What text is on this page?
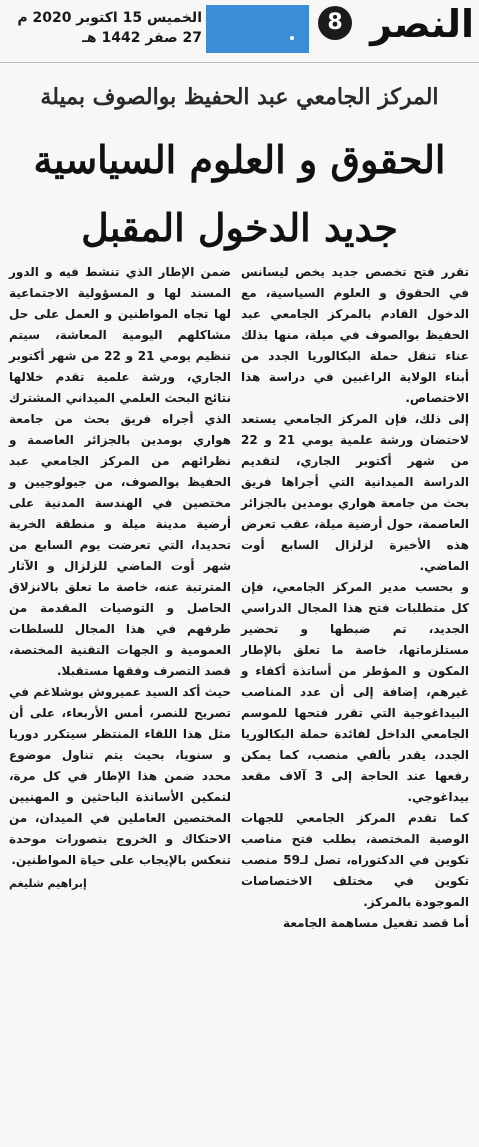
الخميس 15 اكتوبر 2020 م
27 صفر 1442 هـ
8 النصر
المركز الجامعي عبد الحفيظ بوالصوف بميلة
الحقوق و العلوم السياسية
جديد الدخول المقبل

تقرر فتح تخصص جديد يخص ليسانس في الحقوق و العلوم السياسية، مع الدخول القادم بالمركز الجامعي عبد الحفيظ بوالصوف في ميلة، منها بذلك عناء تنقل حملة البكالوريا الجدد من أبناء الولاية الراغبين في دراسة هذا الاختصاص.

إلى ذلك، فإن المركز الجامعي يستعد لاحتضان ورشة علمية يومي 21 و 22 من شهر أكتوبر الجاري، لتقديم الدراسة الميدانية التي أجراها فريق بحث من جامعة هواري بومدين بالجزائر العاصمة، حول أرضية ميلة، عقب تعرض هذه الأخيرة لزلزال السابع أوت الماضي.

و بحسب مدير المركز الجامعي، فإن كل متطلبات فتح هذا المجال الدراسي الجديد، تم ضبطها و تحضير مستلزماتها، خاصة ما تعلق بالإطار المكون و المؤطر من أساتذة أكفاء و غيرهم، إضافة إلى أن عدد المناصب البيداغوجية التي تقرر فتحها للموسم الجامعي الداخل لفائدة حملة البكالوريا الجدد، يقدر بألفي منصب، كما يمكن رفعها عند الحاجة إلى 3 آلاف مقعد بيداغوجي.

كما تقدم المركز الجامعي للجهات الوصية المختصة، بطلب فتح مناصب تكوين في الدكتوراه، تصل لـ59 منصب تكوين في مختلف الاختصاصات الموجودة بالمركز.

أما قصد تفعيل مساهمة الجامعة

ضمن الإطار الذي تنشط فيه و الدور المسند لها و المسؤولية الاجتماعية لها تجاه المواطنين و العمل على حل مشاكلهم اليومية المعاشة، سيتم تنظيم يومي 21 و 22 من شهر أكتوبر الجاري، ورشة علمية تقدم خلالها نتائج البحث العلمي الميداني المشترك الذي أجراه فريق بحث من جامعة هواري بومدين بالجزائر العاصمة و نظرائهم من المركز الجامعي عبد الحفيظ بوالصوف، من جيولوجيين و مختصين في الهندسة المدنية على أرضية مدينة ميلة و منطقة الخربة تحديدا، التي تعرضت يوم السابع من شهر أوت الماضي للزلزال و الآثار المترتبة عنه، خاصة ما تعلق بالانزلاق الحاصل و التوصيات المقدمة من طرفهم في هذا المجال للسلطات العمومية و الجهات التقنية المختصة، قصد التصرف وفقها مستقبلا.

حيث أكد السيد عميروش بوشلاغم في تصريح للنصر، أمس الأربعاء، على أن مثل هذا اللقاء المنتظر سيتكرر دوريا و سنويا، بحيث يتم تناول موضوع محدد ضمن هذا الإطار في كل مرة، لتمكين الأساتذة الباحثين و المهنيين المختصين العاملين في الميدان، من الاحتكاك و الخروج بتصورات موحدة تنعكس بالإيجاب على حياة المواطنين.

إبراهيم شليغم
